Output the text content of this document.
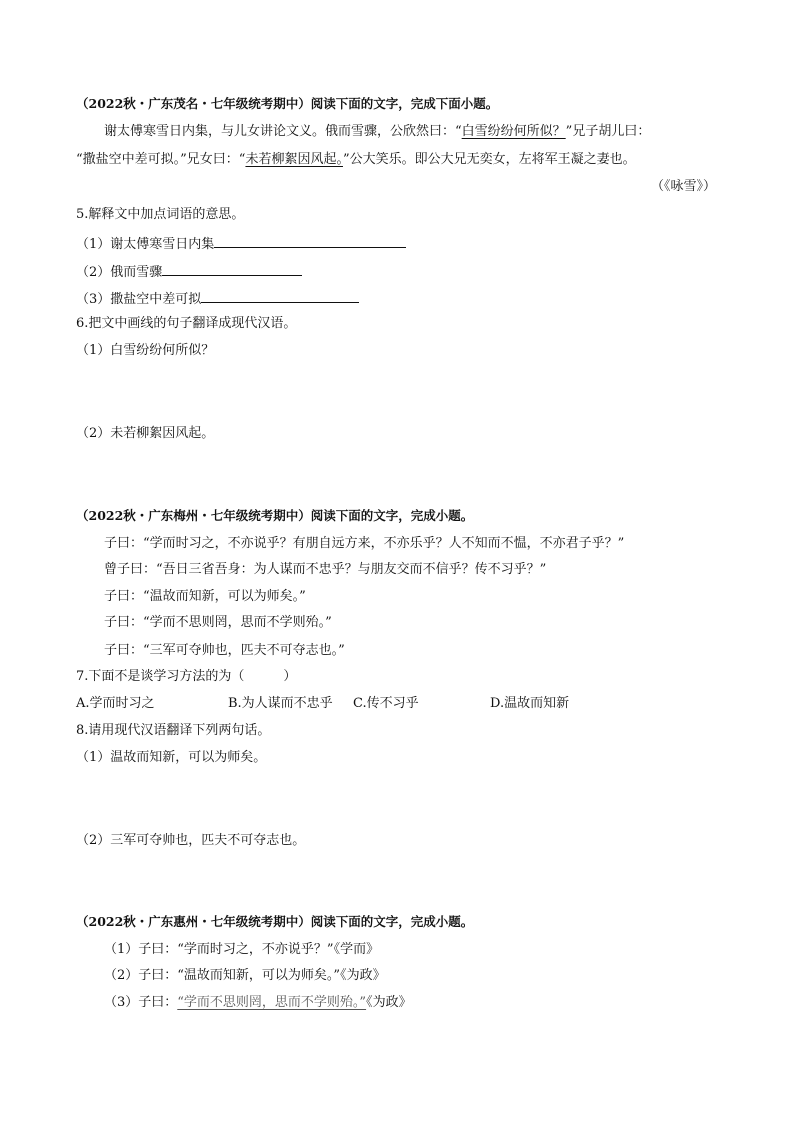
（2022秋・广东茂名・七年级统考期中）阅读下面的文字，完成下面小题。
谢太傅寒雪日内集，与儿女讲论文义。俄而雪骤，公欣然曰：“白雪纷纷何所似？”兄子胡儿曰：
“撒盐空中差可拟。”兄女曰：“未若柳絮因风起。”公大笑乐。即公大兄无奕女，左将军王凝之妻也。
（《咏雪》）
5.解释文中加点词语的意思。
（1）谢太傅寒雪日内集
（2）俄而雪骤
（3）撒盐空中差可拟
6.把文中画线的句子翻译成现代汉语。
（1）白雪纷纷何所似？
（2）未若柳絮因风起。
（2022秋・广东梅州・七年级统考期中）阅读下面的文字，完成小题。
子曰：“学而时习之，不亦说乎？有朋自远方来，不亦乐乎？人不知而不愠，不亦君子乎？”
曾子曰：“吾日三省吾身：为人谋而不忠乎？与朋友交而不信乎？传不习乎？”
子曰：“温故而知新，可以为师矣。”
子曰：“学而不思则罔，思而不学则殆。”
子曰：“三军可夺帅也，匹夫不可夺志也。”
7.下面不是谈学习方法的为（　　　）
A.学而时习之	B.为人谋而不忠乎 C.传不习乎	D.温故而知新
8.请用现代汉语翻译下列两句话。
（1）温故而知新，可以为师矣。
（2）三军可夺帅也，匹夫不可夺志也。
（2022秋・广东惠州・七年级统考期中）阅读下面的文字，完成小题。
（1）子曰：“学而时习之，不亦说乎？”《学而》
（2）子曰：“温故而知新，可以为师矣。”《为政》
（3）子曰：“学而不思则罔，思而不学则殆。”《为政》
